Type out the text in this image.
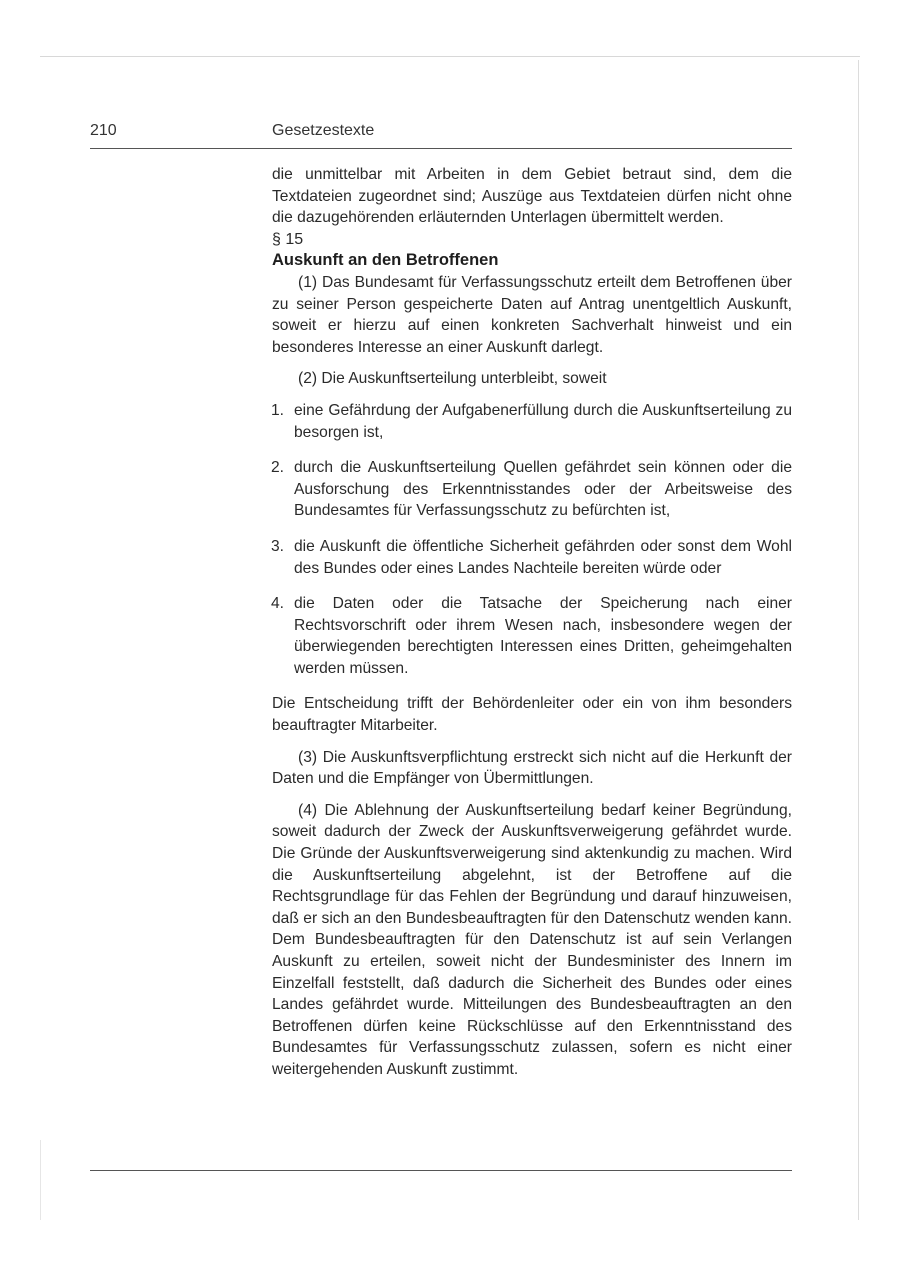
210	Gesetzestexte

die unmittelbar mit Arbeiten in dem Gebiet betraut sind, dem die Textdateien zugeordnet sind; Auszüge aus Textdateien dürfen nicht ohne die dazugehörenden erläuternden Unterlagen übermittelt werden.

§ 15

Auskunft an den Betroffenen

(1) Das Bundesamt für Verfassungsschutz erteilt dem Betroffenen über zu seiner Person gespeicherte Daten auf Antrag unentgeltlich Auskunft, soweit er hierzu auf einen konkreten Sachverhalt hinweist und ein besonderes Interesse an einer Auskunft darlegt.

(2) Die Auskunftserteilung unterbleibt, soweit

1. eine Gefährdung der Aufgabenerfüllung durch die Auskunftserteilung zu besorgen ist,
2. durch die Auskunftserteilung Quellen gefährdet sein können oder die Ausforschung des Erkenntnisstandes oder der Arbeitsweise des Bundesamtes für Verfassungsschutz zu befürchten ist,
3. die Auskunft die öffentliche Sicherheit gefährden oder sonst dem Wohl des Bundes oder eines Landes Nachteile bereiten würde oder
4. die Daten oder die Tatsache der Speicherung nach einer Rechtsvorschrift oder ihrem Wesen nach, insbesondere wegen der überwiegenden berechtigten Interessen eines Dritten, geheimgehalten werden müssen.

Die Entscheidung trifft der Behördenleiter oder ein von ihm besonders beauftragter Mitarbeiter.

(3) Die Auskunftsverpflichtung erstreckt sich nicht auf die Herkunft der Daten und die Empfänger von Übermittlungen.

(4) Die Ablehnung der Auskunftserteilung bedarf keiner Begründung, soweit dadurch der Zweck der Auskunftsverweigerung gefährdet wurde. Die Gründe der Auskunftsverweigerung sind aktenkundig zu machen. Wird die Auskunftserteilung abgelehnt, ist der Betroffene auf die Rechtsgrundlage für das Fehlen der Begründung und darauf hinzuweisen, daß er sich an den Bundesbeauftragten für den Datenschutz wenden kann. Dem Bundesbeauftragten für den Datenschutz ist auf sein Verlangen Auskunft zu erteilen, soweit nicht der Bundesminister des Innern im Einzelfall feststellt, daß dadurch die Sicherheit des Bundes oder eines Landes gefährdet wurde. Mitteilungen des Bundesbeauftragten an den Betroffenen dürfen keine Rückschlüsse auf den Erkenntnisstand des Bundesamtes für Verfassungsschutz zulassen, sofern es nicht einer weitergehenden Auskunft zustimmt.
